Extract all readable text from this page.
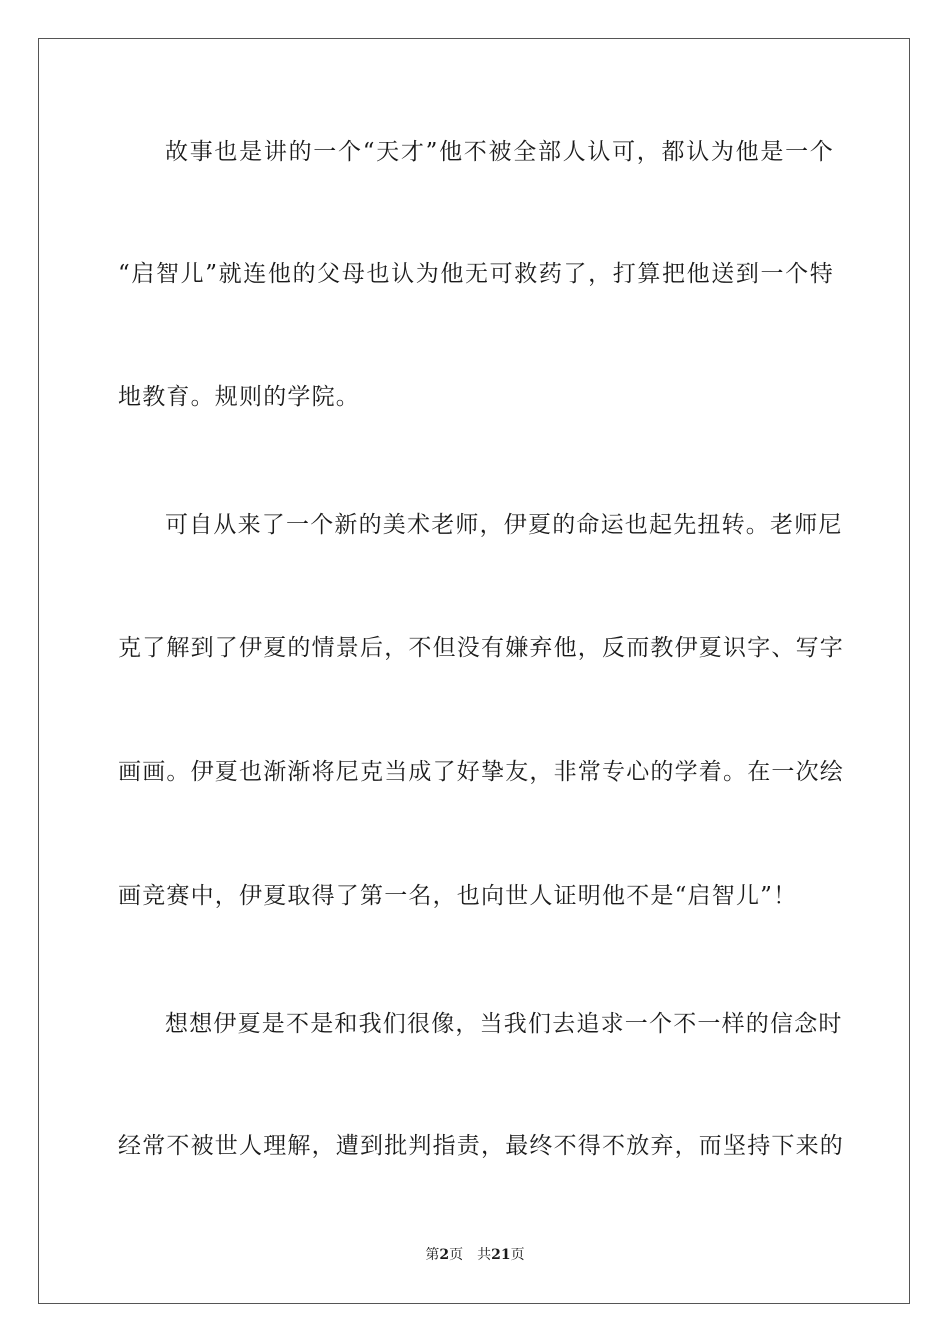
故事也是讲的一个“天才”他不被全部人认可，都认为他是一个
“启智儿”就连他的父母也认为他无可救药了，打算把他送到一个特
地教育。规则的学院。
可自从来了一个新的美术老师，伊夏的命运也起先扭转。老师尼
克了解到了伊夏的情景后，不但没有嫌弃他，反而教伊夏识字、写字
画画。伊夏也渐渐将尼克当成了好挚友，非常专心的学着。在一次绘
画竞赛中，伊夏取得了第一名，也向世人证明他不是“启智儿”！
想想伊夏是不是和我们很像，当我们去追求一个不一样的信念时
经常不被世人理解，遭到批判指责，最终不得不放弃，而坚持下来的
第2页 共21页
